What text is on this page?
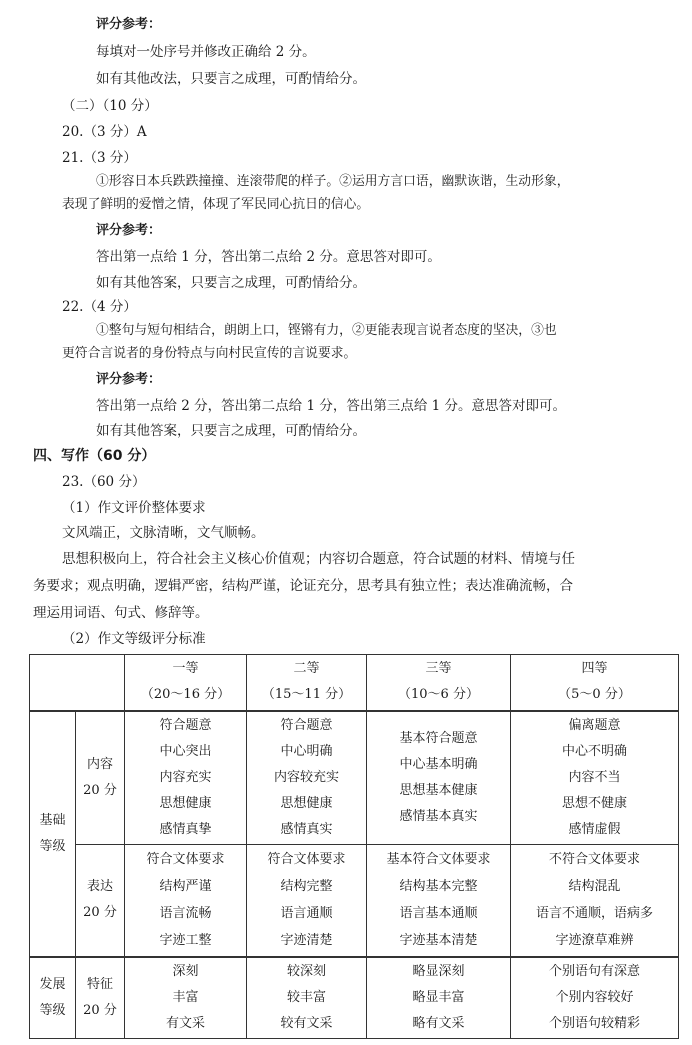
评分参考：
每填对一处序号并修改正确给 2 分。
如有其他改法，只要言之成理，可酌情给分。
（二）（10 分）
20.（3 分）A
21.（3 分）
①形容日本兵跌跌撞撞、连滚带爬的样子。②运用方言口语，幽默诙谐，生动形象，
表现了鲜明的爱憎之情，体现了军民同心抗日的信心。
评分参考：
答出第一点给 1 分，答出第二点给 2 分。意思答对即可。
如有其他答案，只要言之成理，可酌情给分。
22.（4 分）
①整句与短句相结合，朗朗上口，铿锵有力，②更能表现言说者态度的坚决，③也
更符合言说者的身份特点与向村民宣传的言说要求。
评分参考：
答出第一点给 2 分，答出第二点给 1 分，答出第三点给 1 分。意思答对即可。
如有其他答案，只要言之成理，可酌情给分。
四、写作（60 分）
23.（60 分）
（1）作文评价整体要求
文风端正，文脉清晰，文气顺畅。
思想积极向上，符合社会主义核心价值观；内容切合题意，符合试题的材料、情境与任
务要求；观点明确，逻辑严密，结构严谨，论证充分，思考具有独立性；表达准确流畅，合
理运用词语、句式、修辞等。
（2）作文等级评分标准

		一等
（20～16 分）	二等
（15～11 分）	三等
（10～6 分）	四等
（5～0 分）

基础
等级	内容
20 分	符合题意
中心突出
内容充实
思想健康
感情真挚	符合题意
中心明确
内容较充实
思想健康
感情真实	基本符合题意
中心基本明确
思想基本健康
感情基本真实	偏离题意
中心不明确
内容不当
思想不健康
感情虚假

	表达
20 分	符合文体要求
结构严谨
语言流畅
字迹工整	符合文体要求
结构完整
语言通顺
字迹清楚	基本符合文体要求
结构基本完整
语言基本通顺
字迹基本清楚	不符合文体要求
结构混乱
语言不通顺，语病多
字迹潦草难辨

发展
等级	特征
20 分	深刻
丰富
有文采	较深刻
较丰富
较有文采	略显深刻
略显丰富
略有文采	个别语句有深意
个别内容较好
个别语句较精彩
